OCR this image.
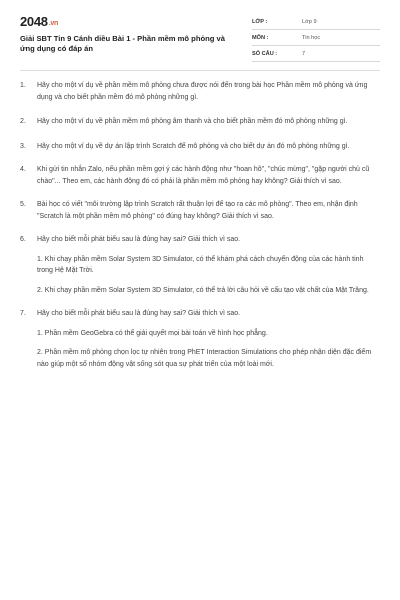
2048.vn
Giải SBT Tin 9 Cánh diều Bài 1 - Phần mềm mô phỏng và ứng dụng có đáp án
LỚP :	Lớp 9
MÔN :	Tin học
SỐ CÂU :	7
1.	Hãy cho một ví dụ về phần mềm mô phỏng chưa được nói đến trong bài học Phần mềm mô phỏng và ứng dụng và cho biết phần mềm đó mô phỏng những gì.
2.	Hãy cho một ví dụ về phần mềm mô phỏng âm thanh và cho biết phần mềm đó mô phỏng những gì.
3.	Hãy cho một ví dụ về dự án lập trình Scratch để mô phỏng và cho biết dự án đó mô phỏng những gì.
4.	Khi gửi tin nhắn Zalo, nếu phần mềm gợi ý các hành động như "hoan hô", "chúc mừng", "gặp người chủ cũ chào"... Theo em, các hành động đó có phải là phần mềm mô phỏng hay không? Giải thích vì sao.
5.	Bài học có viết "môi trường lập trình Scratch rất thuận lợi để tạo ra các mô phỏng". Theo em, nhận định "Scratch là một phần mềm mô phỏng" có đúng hay không? Giải thích vì sao.
6.	Hãy cho biết mỗi phát biểu sau là đúng hay sai? Giải thích vì sao.
1. Khi chạy phần mềm Solar System 3D Simulator, có thể khám phá cách chuyển động của các hành tinh trong Hệ Mặt Trời.
2. Khi chạy phần mềm Solar System 3D Simulator, có thể trả lời câu hỏi về cấu tạo vật chất của Mặt Trăng.
7.	Hãy cho biết mỗi phát biểu sau là đúng hay sai? Giải thích vì sao.
1. Phần mềm GeoGebra có thể giải quyết mọi bài toán về hình học phẳng.
2. Phần mềm mô phỏng chọn lọc tự nhiên trong PhET Interaction Simulations cho phép nhận diện đặc điểm nào giúp một số nhóm động vật sống sót qua sự phát triển của một loài mới.
